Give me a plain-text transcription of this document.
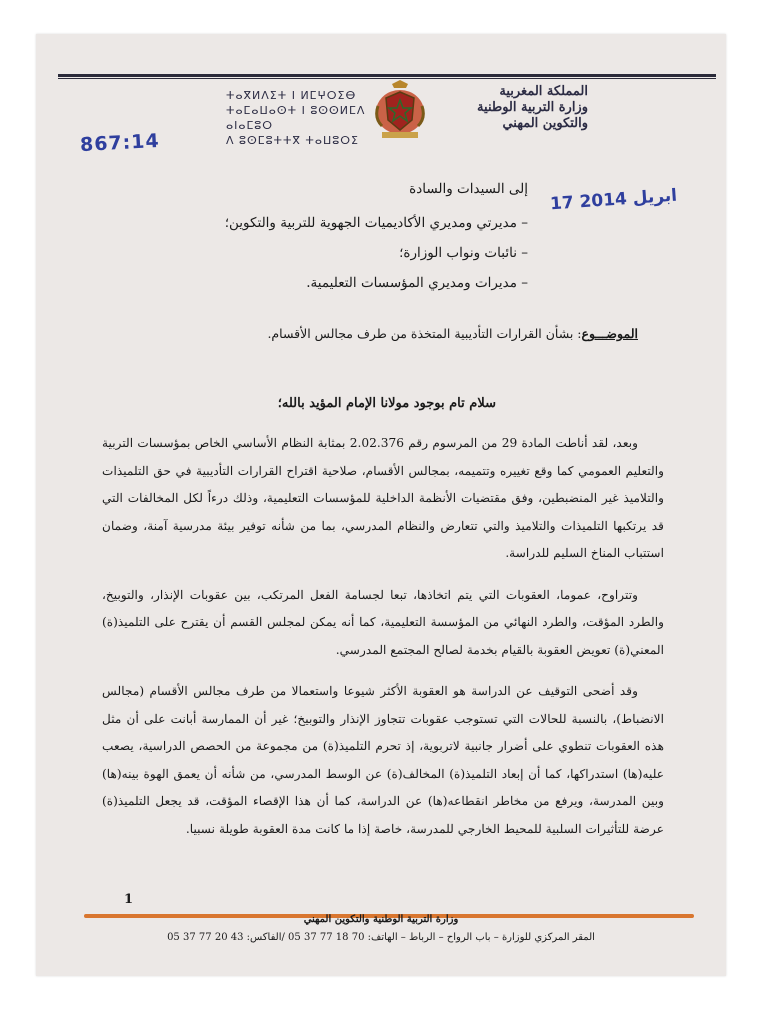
ⵜⴰⴳⵍⴷⵉⵜ ⵏ ⵍⵎⵖⵔⵉⴱ
ⵜⴰⵎⴰⵡⴰⵙⵜ ⵏ ⵓⵙⵙⵍⵎⴷ ⴰⵏⴰⵎⵓⵔ
ⴷ ⵓⵙⵎⵓⵜⵜⴳ ⵜⴰⵡⵓⵔⵉ
المملكة المغربية
وزارة التربية الوطنية
والتكوين المهني
867:14
17 ابريل 2014
إلى السيدات والسادة
– مديرتي ومديري الأكاديميات الجهوية للتربية والتكوين؛
– نائبات ونواب الوزارة؛
– مديرات ومديري المؤسسات التعليمية.
الموضـــوع: بشأن القرارات التأديبية المتخذة من طرف مجالس الأقسام.
سلام تام بوجود مولانا الإمام المؤيد بالله؛

وبعد، لقد أناطت المادة 29 من المرسوم رقم 2.02.376 بمثابة النظام الأساسي الخاص بمؤسسات التربية والتعليم العمومي كما وقع تغييره وتتميمه، بمجالس الأقسام، صلاحية اقتراح القرارات التأديبية في حق التلميذات والتلاميذ غير المنضبطين، وفق مقتضيات الأنظمة الداخلية للمؤسسات التعليمية، وذلك درءاً لكل المخالفات التي قد يرتكبها التلميذات والتلاميذ والتي تتعارض والنظام المدرسي، بما من شأنه توفير بيئة مدرسية آمنة، وضمان استتباب المناخ السليم للدراسة.

وتتراوح، عموما، العقوبات التي يتم اتخاذها، تبعا لجسامة الفعل المرتكب، بين عقوبات الإنذار، والتوبيخ، والطرد المؤقت، والطرد النهائي من المؤسسة التعليمية، كما أنه يمكن لمجلس القسم أن يقترح على التلميذ(ة) المعني(ة) تعويض العقوبة بالقيام بخدمة لصالح المجتمع المدرسي.

وقد أضحى التوقيف عن الدراسة هو العقوبة الأكثر شيوعا واستعمالا من طرف مجالس الأقسام (مجالس الانضباط)، بالنسبة للحالات التي تستوجب عقوبات تتجاوز الإنذار والتوبيخ؛ غير أن الممارسة أبانت على أن مثل هذه العقوبات تنطوي على أضرار جانبية لاتربوية، إذ تحرم التلميذ(ة) من مجموعة من الحصص الدراسية، يصعب عليه(ها) استدراكها، كما أن إبعاد التلميذ(ة) المخالف(ة) عن الوسط المدرسي، من شأنه أن يعمق الهوة بينه(ها) وبين المدرسة، ويرفع من مخاطر انقطاعه(ها) عن الدراسة، كما أن هذا الإقصاء المؤقت، قد يجعل التلميذ(ة) عرضة للتأثيرات السلبية للمحيط الخارجي للمدرسة، خاصة إذا ما كانت مدة العقوبة طويلة نسبيا.

1
وزارة التربية الوطنية والتكوين المهني
المقر المركزي للوزارة – باب الرواح – الرباط – الهاتف: 70 18 77 37 05 /الفاكس: 43 20 77 37 05
